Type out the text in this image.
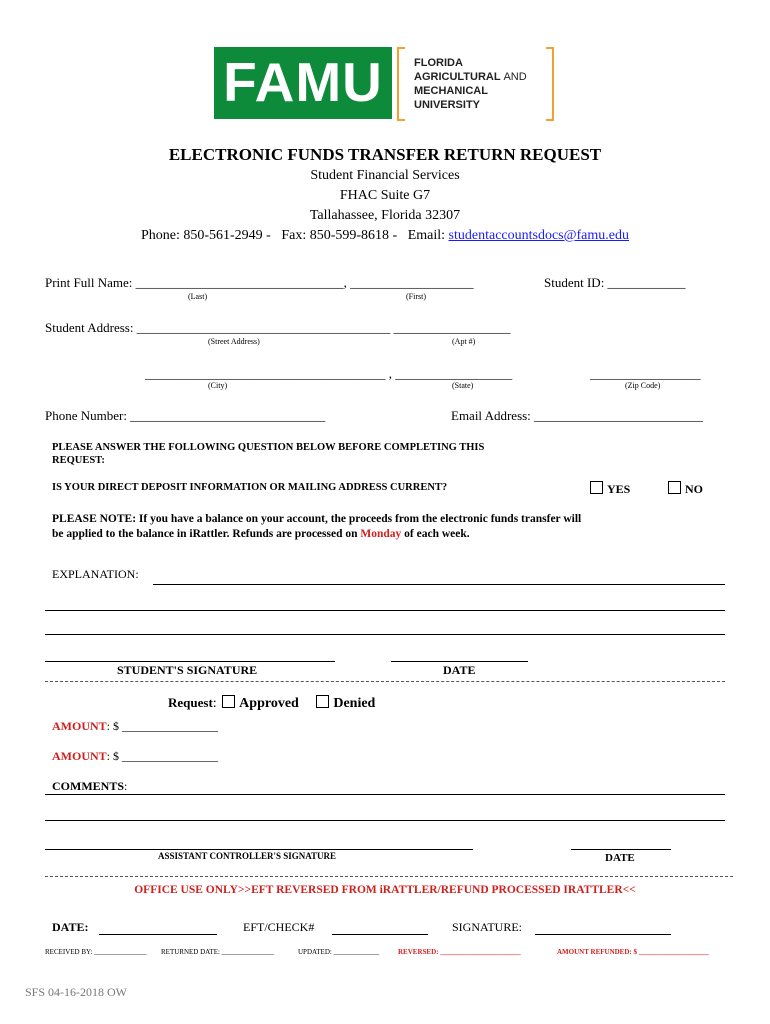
FAMU	FLORIDA
AGRICULTURAL AND
MECHANICAL
UNIVERSITY
ELECTRONIC FUNDS TRANSFER RETURN REQUEST
Student Financial Services
FHAC Suite G7
Tallahassee, Florida 32307
Phone: 850-561-2949 -   Fax: 850-599-8618 -   Email: studentaccountsdocs@famu.edu
Print Full Name: ________________________________, ___________________	Student ID: ____________
(Last)	(First)
Student Address: _______________________________________ __________________
(Street Address)	(Apt #)
_____________________________________ , __________________	_________________
(City)	(State)	(Zip Code)
Phone Number: ______________________________	Email Address: __________________________
PLEASE ANSWER THE FOLLOWING QUESTION BELOW BEFORE COMPLETING THIS REQUEST:
IS YOUR DIRECT DEPOSIT INFORMATION OR MAILING ADDRESS CURRENT?	YES	NO
PLEASE NOTE: If you have a balance on your account, the proceeds from the electronic funds transfer will be applied to the balance in iRattler. Refunds are processed on Monday of each week.
EXPLANATION:
STUDENT'S SIGNATURE	DATE
Request: Approved Denied
AMOUNT: $ ________________
AMOUNT: $ ________________
COMMENTS:
ASSISTANT CONTROLLER'S SIGNATURE	DATE
OFFICE USE ONLY>>EFT REVERSED FROM iRATTLER/REFUND PROCESSED IRATTLER<<
DATE:	EFT/CHECK#	SIGNATURE:
RECEIVED BY: _______________ RETURNED DATE: _______________	UPDATED: _____________	REVERSED: _______________________	AMOUNT REFUNDED: $ ____________________
SFS 04-16-2018 OW
